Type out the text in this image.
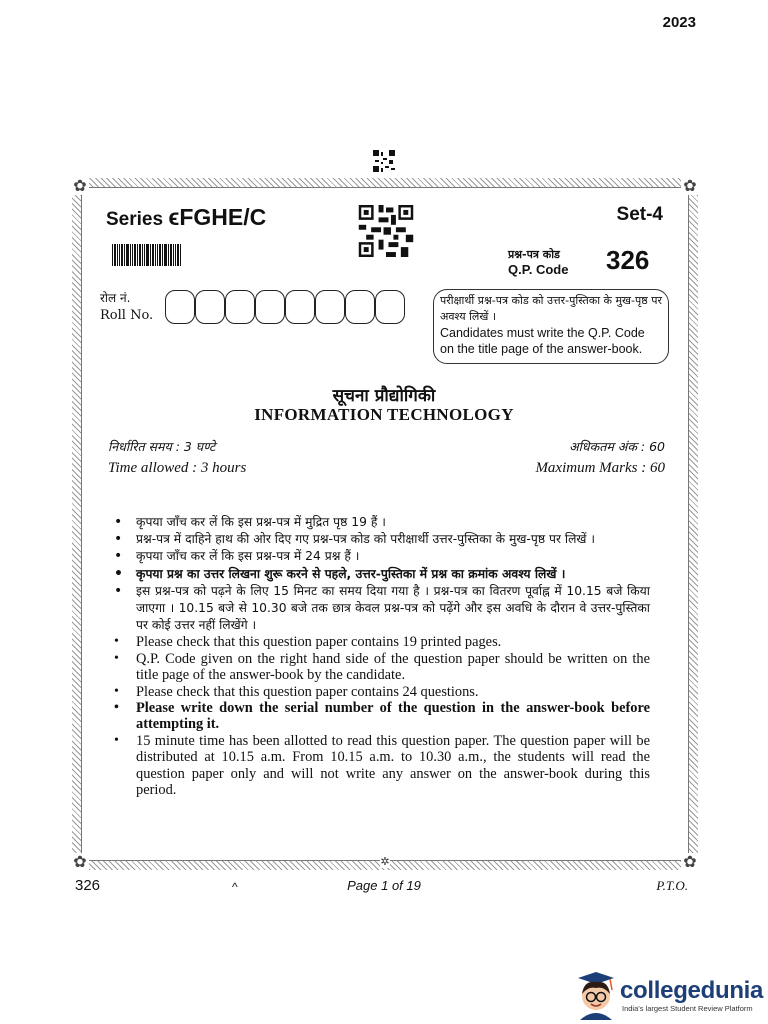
2023
✿	✿
✿	✿
Series ϵFGHE/C	Set-4
प्रश्न-पत्र कोड
Q.P. Code 326
रोल नं.
Roll No.
परीक्षार्थी प्रश्न-पत्र कोड को उत्तर-पुस्तिका के मुख-पृष्ठ पर अवश्य लिखें ।
Candidates must write the Q.P. Code on the title page of the answer-book.
सूचना प्रौद्योगिकी
INFORMATION TECHNOLOGY
निर्धारित समय : 3 घण्टे
Time allowed : 3 hours
अधिकतम अंक : 60
Maximum Marks : 60
• कृपया जाँच कर लें कि इस प्रश्न-पत्र में मुद्रित पृष्ठ 19 हैं ।
• प्रश्न-पत्र में दाहिने हाथ की ओर दिए गए प्रश्न-पत्र कोड को परीक्षार्थी उत्तर-पुस्तिका के मुख-पृष्ठ पर लिखें ।
• कृपया जाँच कर लें कि इस प्रश्न-पत्र में 24 प्रश्न हैं ।
• कृपया प्रश्न का उत्तर लिखना शुरू करने से पहले, उत्तर-पुस्तिका में प्रश्न का क्रमांक अवश्य लिखें ।
• इस प्रश्न-पत्र को पढ़ने के लिए 15 मिनट का समय दिया गया है । प्रश्न-पत्र का वितरण पूर्वाह्न में 10.15 बजे किया जाएगा । 10.15 बजे से 10.30 बजे तक छात्र केवल प्रश्न-पत्र को पढ़ेंगे और इस अवधि के दौरान वे उत्तर-पुस्तिका पर कोई उत्तर नहीं लिखेंगे ।
• Please check that this question paper contains 19 printed pages.
• Q.P. Code given on the right hand side of the question paper should be written on the title page of the answer-book by the candidate.
• Please check that this question paper contains 24 questions.
• Please write down the serial number of the question in the answer-book before attempting it.
• 15 minute time has been allotted to read this question paper. The question paper will be distributed at 10.15 a.m. From 10.15 a.m. to 10.30 a.m., the students will read the question paper only and will not write any answer on the answer-book during this period.
✲
326	^	Page 1 of 19	P.T.O.
collegedunia
India's largest Student Review Platform
